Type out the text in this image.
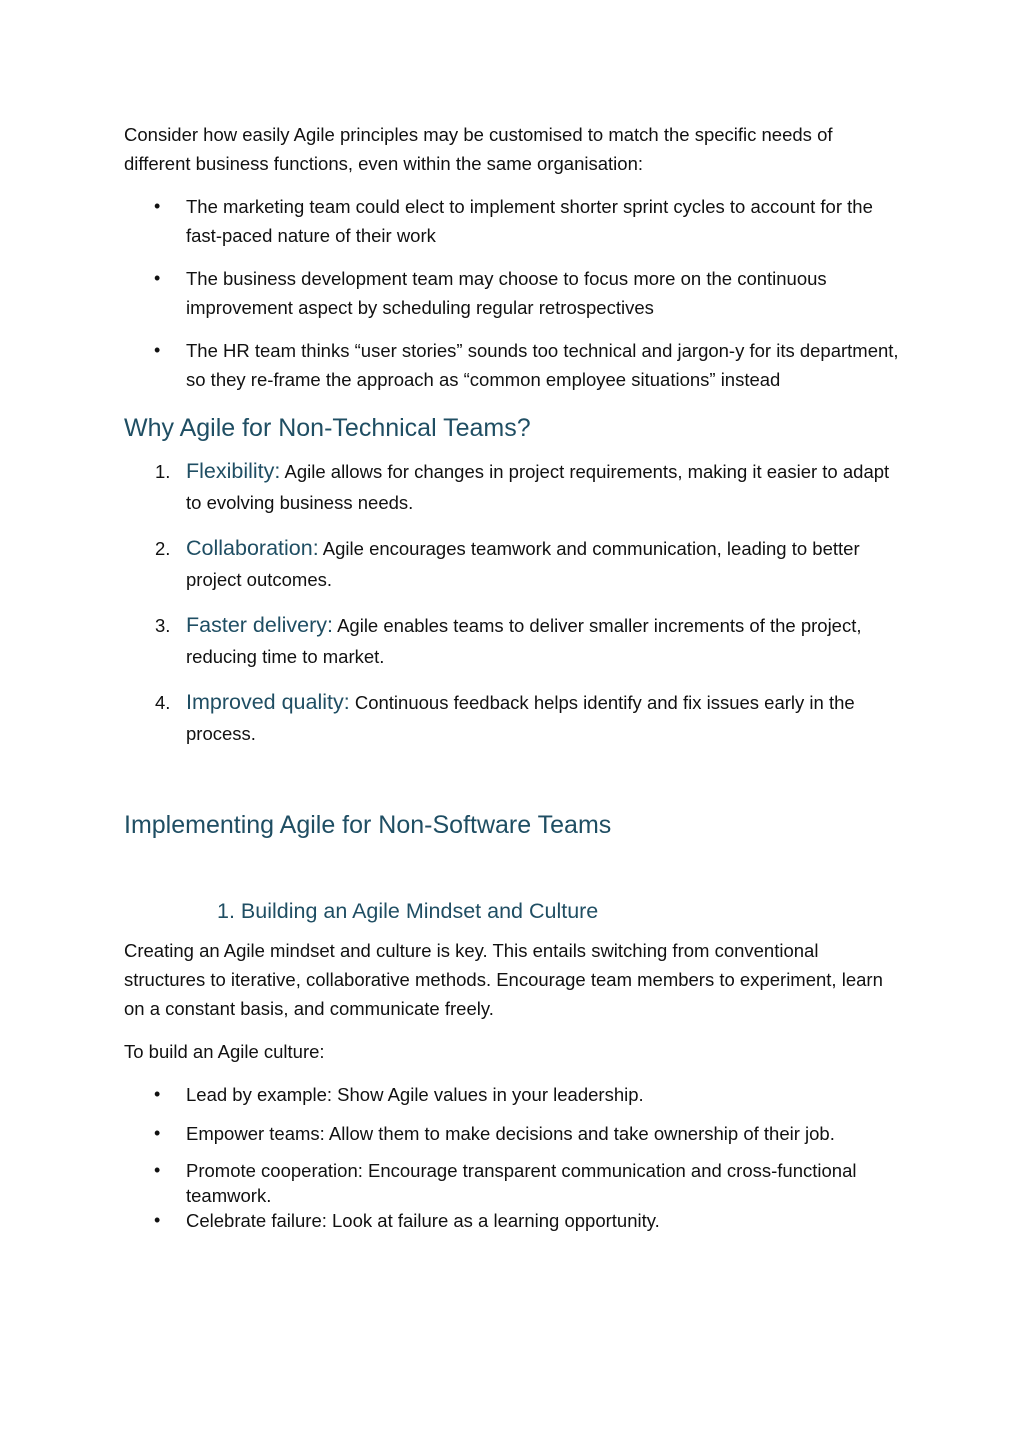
Consider how easily Agile principles may be customised to match the specific needs of different business functions, even within the same organisation:

• The marketing team could elect to implement shorter sprint cycles to account for the fast-paced nature of their work
• The business development team may choose to focus more on the continuous improvement aspect by scheduling regular retrospectives
• The HR team thinks “user stories” sounds too technical and jargon-y for its department, so they re-frame the approach as “common employee situations” instead
Why Agile for Non-Technical Teams?
1. Flexibility: Agile allows for changes in project requirements, making it easier to adapt to evolving business needs.
2. Collaboration: Agile encourages teamwork and communication, leading to better project outcomes.
3. Faster delivery: Agile enables teams to deliver smaller increments of the project, reducing time to market.
4. Improved quality: Continuous feedback helps identify and fix issues early in the process.
Implementing Agile for Non-Software Teams
1. Building an Agile Mindset and Culture

Creating an Agile mindset and culture is key. This entails switching from conventional structures to iterative, collaborative methods. Encourage team members to experiment, learn on a constant basis, and communicate freely.

To build an Agile culture:

• Lead by example: Show Agile values in your leadership.
• Empower teams: Allow them to make decisions and take ownership of their job.
• Promote cooperation: Encourage transparent communication and cross-functional teamwork.
• Celebrate failure: Look at failure as a learning opportunity.
